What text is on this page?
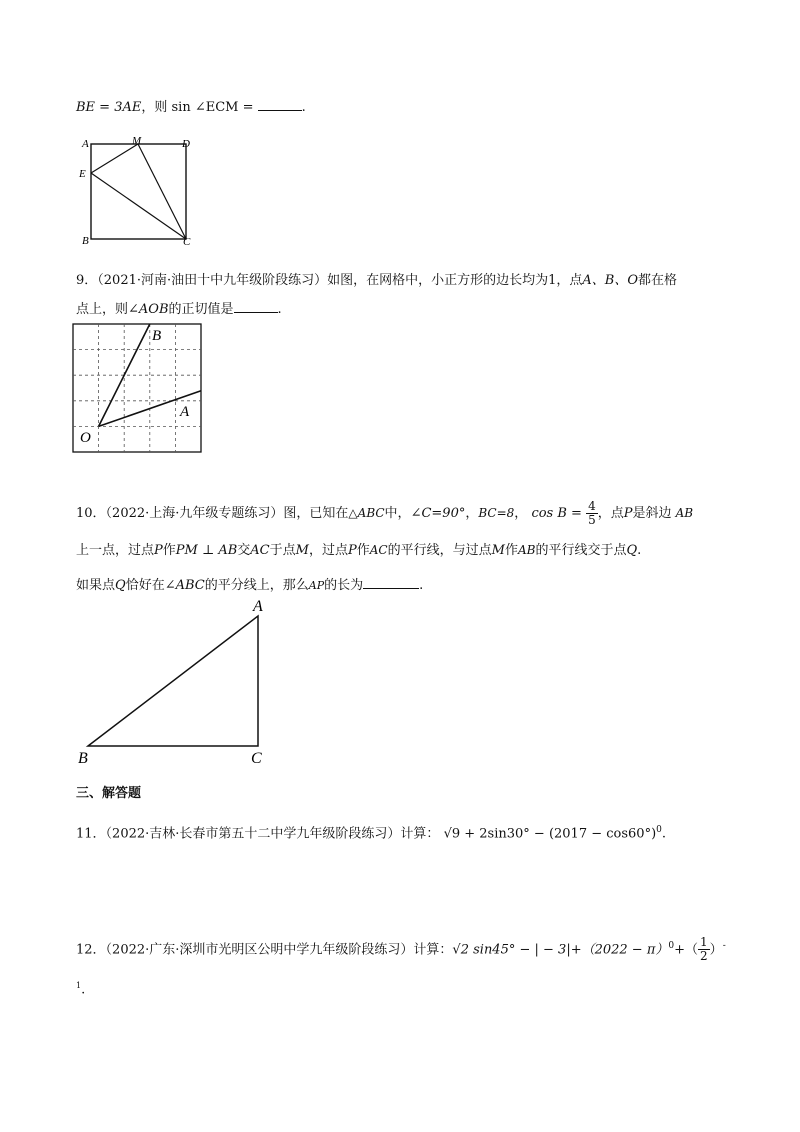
BE = 3AE，则 sin ∠ECM =	.
A	M	D
E
B	C
9．（2021·河南·油田十中九年级阶段练习）如图，在网格中，小正方形的边长均为1，点A、B、O都在格
点上，则∠AOB的正切值是	.
B
A
O
10．（2022·上海·九年级专题练习）图，已知在△ABC中，∠C=90°，BC=8， $\cos B = \frac{4}{5}$ ，点P是斜边 AB
上一点，过点P作PM ⊥ AB交AC于点M，过点P作AC的平行线，与过点M作AB的平行线交于点Q.
如果点Q恰好在∠ABC的平分线上，那么AP的长为	.
A
B	C
三、解答题
11．（2022·吉林·长春市第五十二中学九年级阶段练习）计算： $√9 + 2\sin 30^\circ - (2017 - \cos 60^\circ)^0$.
12．（2022·广东·深圳市光明区公明中学九年级阶段练习）计算：√2 sin45° − | − $3|+(2022 - \pi)^0+( \frac{1}{2} )^-$
$^1$.
